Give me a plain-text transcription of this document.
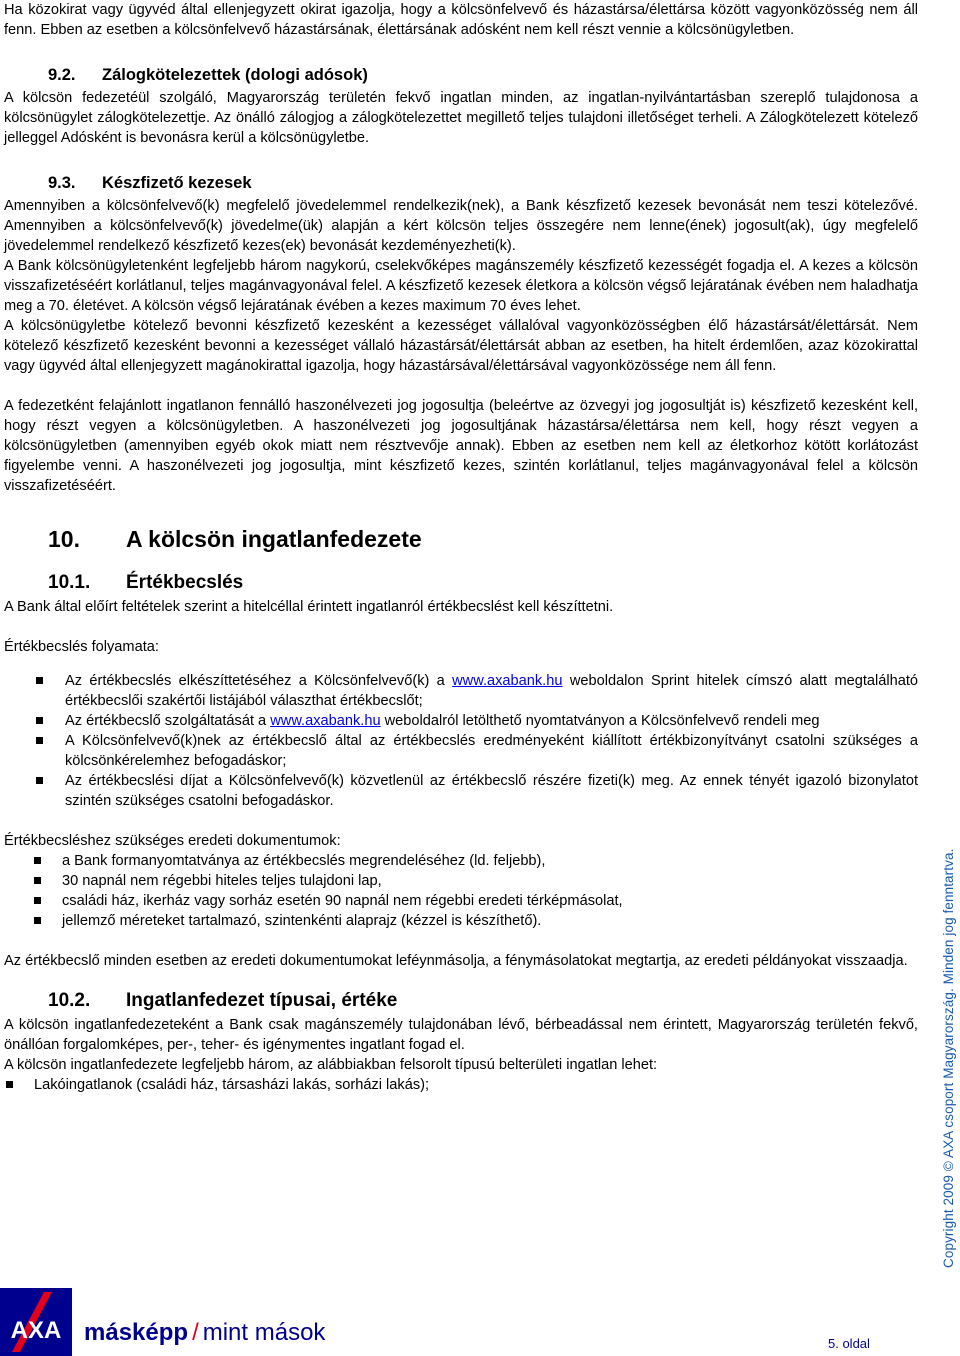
Ha közokirat vagy ügyvéd által ellenjegyzett okirat igazolja, hogy a kölcsönfelvevő és házastársa/élettársa között vagyonközösség nem áll fenn. Ebben az esetben a kölcsönfelvevő házastársának, élettársának adósként nem kell részt vennie a kölcsönügyletben.

9.2. Zálogkötelezettek (dologi adósok)

A kölcsön fedezetéül szolgáló, Magyarország területén fekvő ingatlan minden, az ingatlan-nyilvántartásban szereplő tulajdonosa a kölcsönügylet zálogkötelezettje. Az önálló zálogjog a zálogkötelezettet megillető teljes tulajdoni illetőséget terheli. A Zálogkötelezett kötelező jelleggel Adósként is bevonásra kerül a kölcsönügyletbe.

9.3. Készfizető kezesek

Amennyiben a kölcsönfelvevő(k) megfelelő jövedelemmel rendelkezik(nek), a Bank készfizető kezesek bevonását nem teszi kötelezővé. Amennyiben a kölcsönfelvevő(k) jövedelme(ük) alapján a kért kölcsön teljes összegére nem lenne(ének) jogosult(ak), úgy megfelelő jövedelemmel rendelkező készfizető kezes(ek) bevonását kezdeményezheti(k).

A Bank kölcsönügyletenként legfeljebb három nagykorú, cselekvőképes magánszemély készfizető kezességét fogadja el. A kezes a kölcsön visszafizetéséért korlátlanul, teljes magánvagyonával felel. A készfizető kezesek életkora a kölcsön végső lejáratának évében nem haladhatja meg a 70. életévet. A kölcsön végső lejáratának évében a kezes maximum 70 éves lehet.

A kölcsönügyletbe kötelező bevonni készfizető kezesként a kezességet vállalóval vagyonközösségben élő házastársát/élettársát. Nem kötelező készfizető kezesként bevonni a kezességet vállaló házastársát/élettársát abban az esetben, ha hitelt érdemlően, azaz közokirattal vagy ügyvéd által ellenjegyzett magánokirattal igazolja, hogy házastársával/élettársával vagyonközössége nem áll fenn.

A fedezetként felajánlott ingatlanon fennálló haszonélvezeti jog jogosultja (beleértve az özvegyi jog jogosultját is) készfizető kezesként kell, hogy részt vegyen a kölcsönügyletben. A haszonélvezeti jog jogosultjának házastársa/élettársa nem kell, hogy részt vegyen a kölcsönügyletben (amennyiben egyéb okok miatt nem résztvevője annak). Ebben az esetben nem kell az életkorhoz kötött korlátozást figyelembe venni. A haszonélvezeti jog jogosultja, mint készfizető kezes, szintén korlátlanul, teljes magánvagyonával felel a kölcsön visszafizetéséért.

10. A kölcsön ingatlanfedezete
10.1. Értékbecslés

A Bank által előírt feltételek szerint a hitelcéllal érintett ingatlanról értékbecslést kell készíttetni.

Értékbecslés folyamata:

Az értékbecslés elkészíttetéséhez a Kölcsönfelvevő(k) a www.axabank.hu weboldalon Sprint hitelek címszó alatt megtalálható értékbecslői szakértői listájából választhat értékbecslőt;
Az értékbecslő szolgáltatását a www.axabank.hu weboldalról letölthető nyomtatványon a Kölcsönfelvevő rendeli meg
A Kölcsönfelvevő(k)nek az értékbecslő által az értékbecslés eredményeként kiállított értékbizonyítványt csatolni szükséges a kölcsönkérelemhez befogadáskor;
Az értékbecslési díjat a Kölcsönfelvevő(k) közvetlenül az értékbecslő részére fizeti(k) meg. Az ennek tényét igazoló bizonylatot szintén szükséges csatolni befogadáskor.

Értékbecsléshez szükséges eredeti dokumentumok:

a Bank formanyomtatványa az értékbecslés megrendeléséhez (ld. feljebb),
30 napnál nem régebbi hiteles teljes tulajdoni lap,
családi ház, ikerház vagy sorház esetén 90 napnál nem régebbi eredeti térképmásolat,
jellemző méreteket tartalmazó, szintenkénti alaprajz (kézzel is készíthető).

Az értékbecslő minden esetben az eredeti dokumentumokat leféynmásolja, a fénymásolatokat megtartja, az eredeti példányokat visszaadja.

10.2. Ingatlanfedezet típusai, értéke

A kölcsön ingatlanfedezeteként a Bank csak magánszemély tulajdonában lévő, bérbeadással nem érintett, Magyarország területén fekvő, önállóan forgalomképes, per-, teher- és igénymentes ingatlant fogad el.

A kölcsön ingatlanfedezete legfeljebb három, az alábbiakban felsorolt típusú belterületi ingatlan lehet:

Lakóingatlanok (családi ház, társasházi lakás, sorházi lakás);	Copyright 2009 © AXA csoport Magyarország. Minden jog fenntartva.
AXA másképp / mint mások	5. oldal
